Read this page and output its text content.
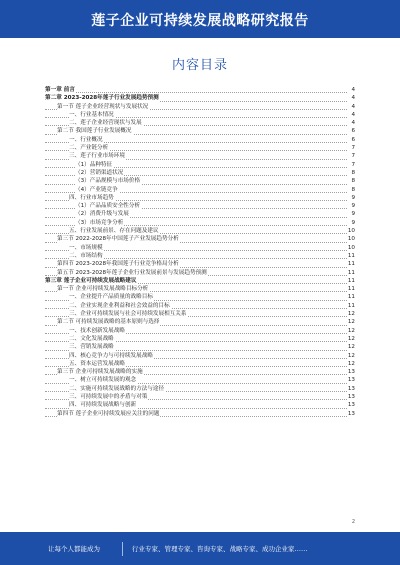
莲子企业可持续发展战略研究报告
内容目录
第一章 前言	4
第二章 2023-2028年莲子行业发展趋势预测	4
第一节 莲子企业经营现状与发展状况	4
一、行业基本情况	4
二、莲子企业经营现状与发展	4
第二节 我国莲子行业发展概况	6
一、行业概况	6
二、产业链分析	7
三、莲子行业市场环境	7
（1）品种特征	7
（2）营销渠道状况	8
（3）产品规模与市场价格	8
（4）产业链竞争	8
四、行业市场趋势	9
（1）产品品质安全性分析	9
（2）消费升级与发展	9
（3）市场竞争分析	9
五、行业发展前景、存在问题及建议	10
第三节 2022-2028年中国莲子产业发展趋势分析	10
一、市场规模	10
二、市场结构	11
第四节 2023-2028年我国莲子行业竞争格局分析	11
第五节 2023-2028年莲子企业行业发展前景与发展趋势预测	11
第三章 莲子企业可持续发展战略建议	11
第一节 企业可持续发展战略目标分析	11
一、企业提升产品质量的战略目标	11
二、企业实现企业利益和社会效益的目标	11
三、企业可持续发展与社会可持续发展相互关系	12
第二节 可持续发展战略的基本原则与选择	12
一、技术创新发展战略	12
二、文化发展战略	12
三、营销发展战略	12
四、核心竞争力与可持续发展战略	12
五、资本运营发展战略	12
第三节 企业可持续发展战略的实施	13
一、树立可持续发展的观念	13
二、实施可持续发展战略的方法与途径	13
三、可持续发展中的矛盾与对策	13
四、可持续发展战略与创新	13
第四节 莲子企业可持续发展应关注的问题	13
2
让每个人都能成为	行业专家、管理专家、咨询专家、战略专家、成功企业家……
